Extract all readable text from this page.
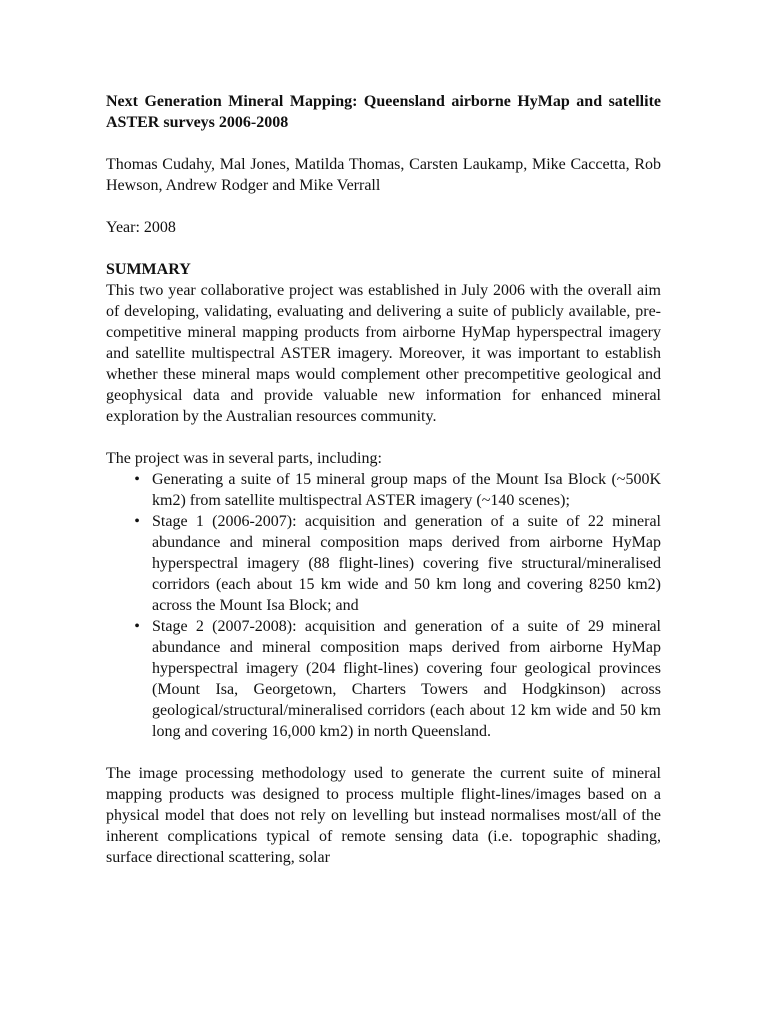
Next Generation Mineral Mapping: Queensland airborne HyMap and satellite ASTER surveys 2006-2008

Thomas Cudahy, Mal Jones, Matilda Thomas, Carsten Laukamp, Mike Caccetta, Rob Hewson, Andrew Rodger and Mike Verrall

Year: 2008

SUMMARY

This two year collaborative project was established in July 2006 with the overall aim of developing, validating, evaluating and delivering a suite of publicly available, pre-competitive mineral mapping products from airborne HyMap hyperspectral imagery and satellite multispectral ASTER imagery. Moreover, it was important to establish whether these mineral maps would complement other precompetitive geological and geophysical data and provide valuable new information for enhanced mineral exploration by the Australian resources community.

The project was in several parts, including:

• Generating a suite of 15 mineral group maps of the Mount Isa Block (~500K km2) from satellite multispectral ASTER imagery (~140 scenes);
• Stage 1 (2006-2007): acquisition and generation of a suite of 22 mineral abundance and mineral composition maps derived from airborne HyMap hyperspectral imagery (88 flight-lines) covering five structural/mineralised corridors (each about 15 km wide and 50 km long and covering 8250 km2) across the Mount Isa Block; and
• Stage 2 (2007-2008): acquisition and generation of a suite of 29 mineral abundance and mineral composition maps derived from airborne HyMap hyperspectral imagery (204 flight-lines) covering four geological provinces (Mount Isa, Georgetown, Charters Towers and Hodgkinson) across geological/structural/mineralised corridors (each about 12 km wide and 50 km long and covering 16,000 km2) in north Queensland.

The image processing methodology used to generate the current suite of mineral mapping products was designed to process multiple flight-lines/images based on a physical model that does not rely on levelling but instead normalises most/all of the inherent complications typical of remote sensing data (i.e. topographic shading, surface directional scattering, solar
